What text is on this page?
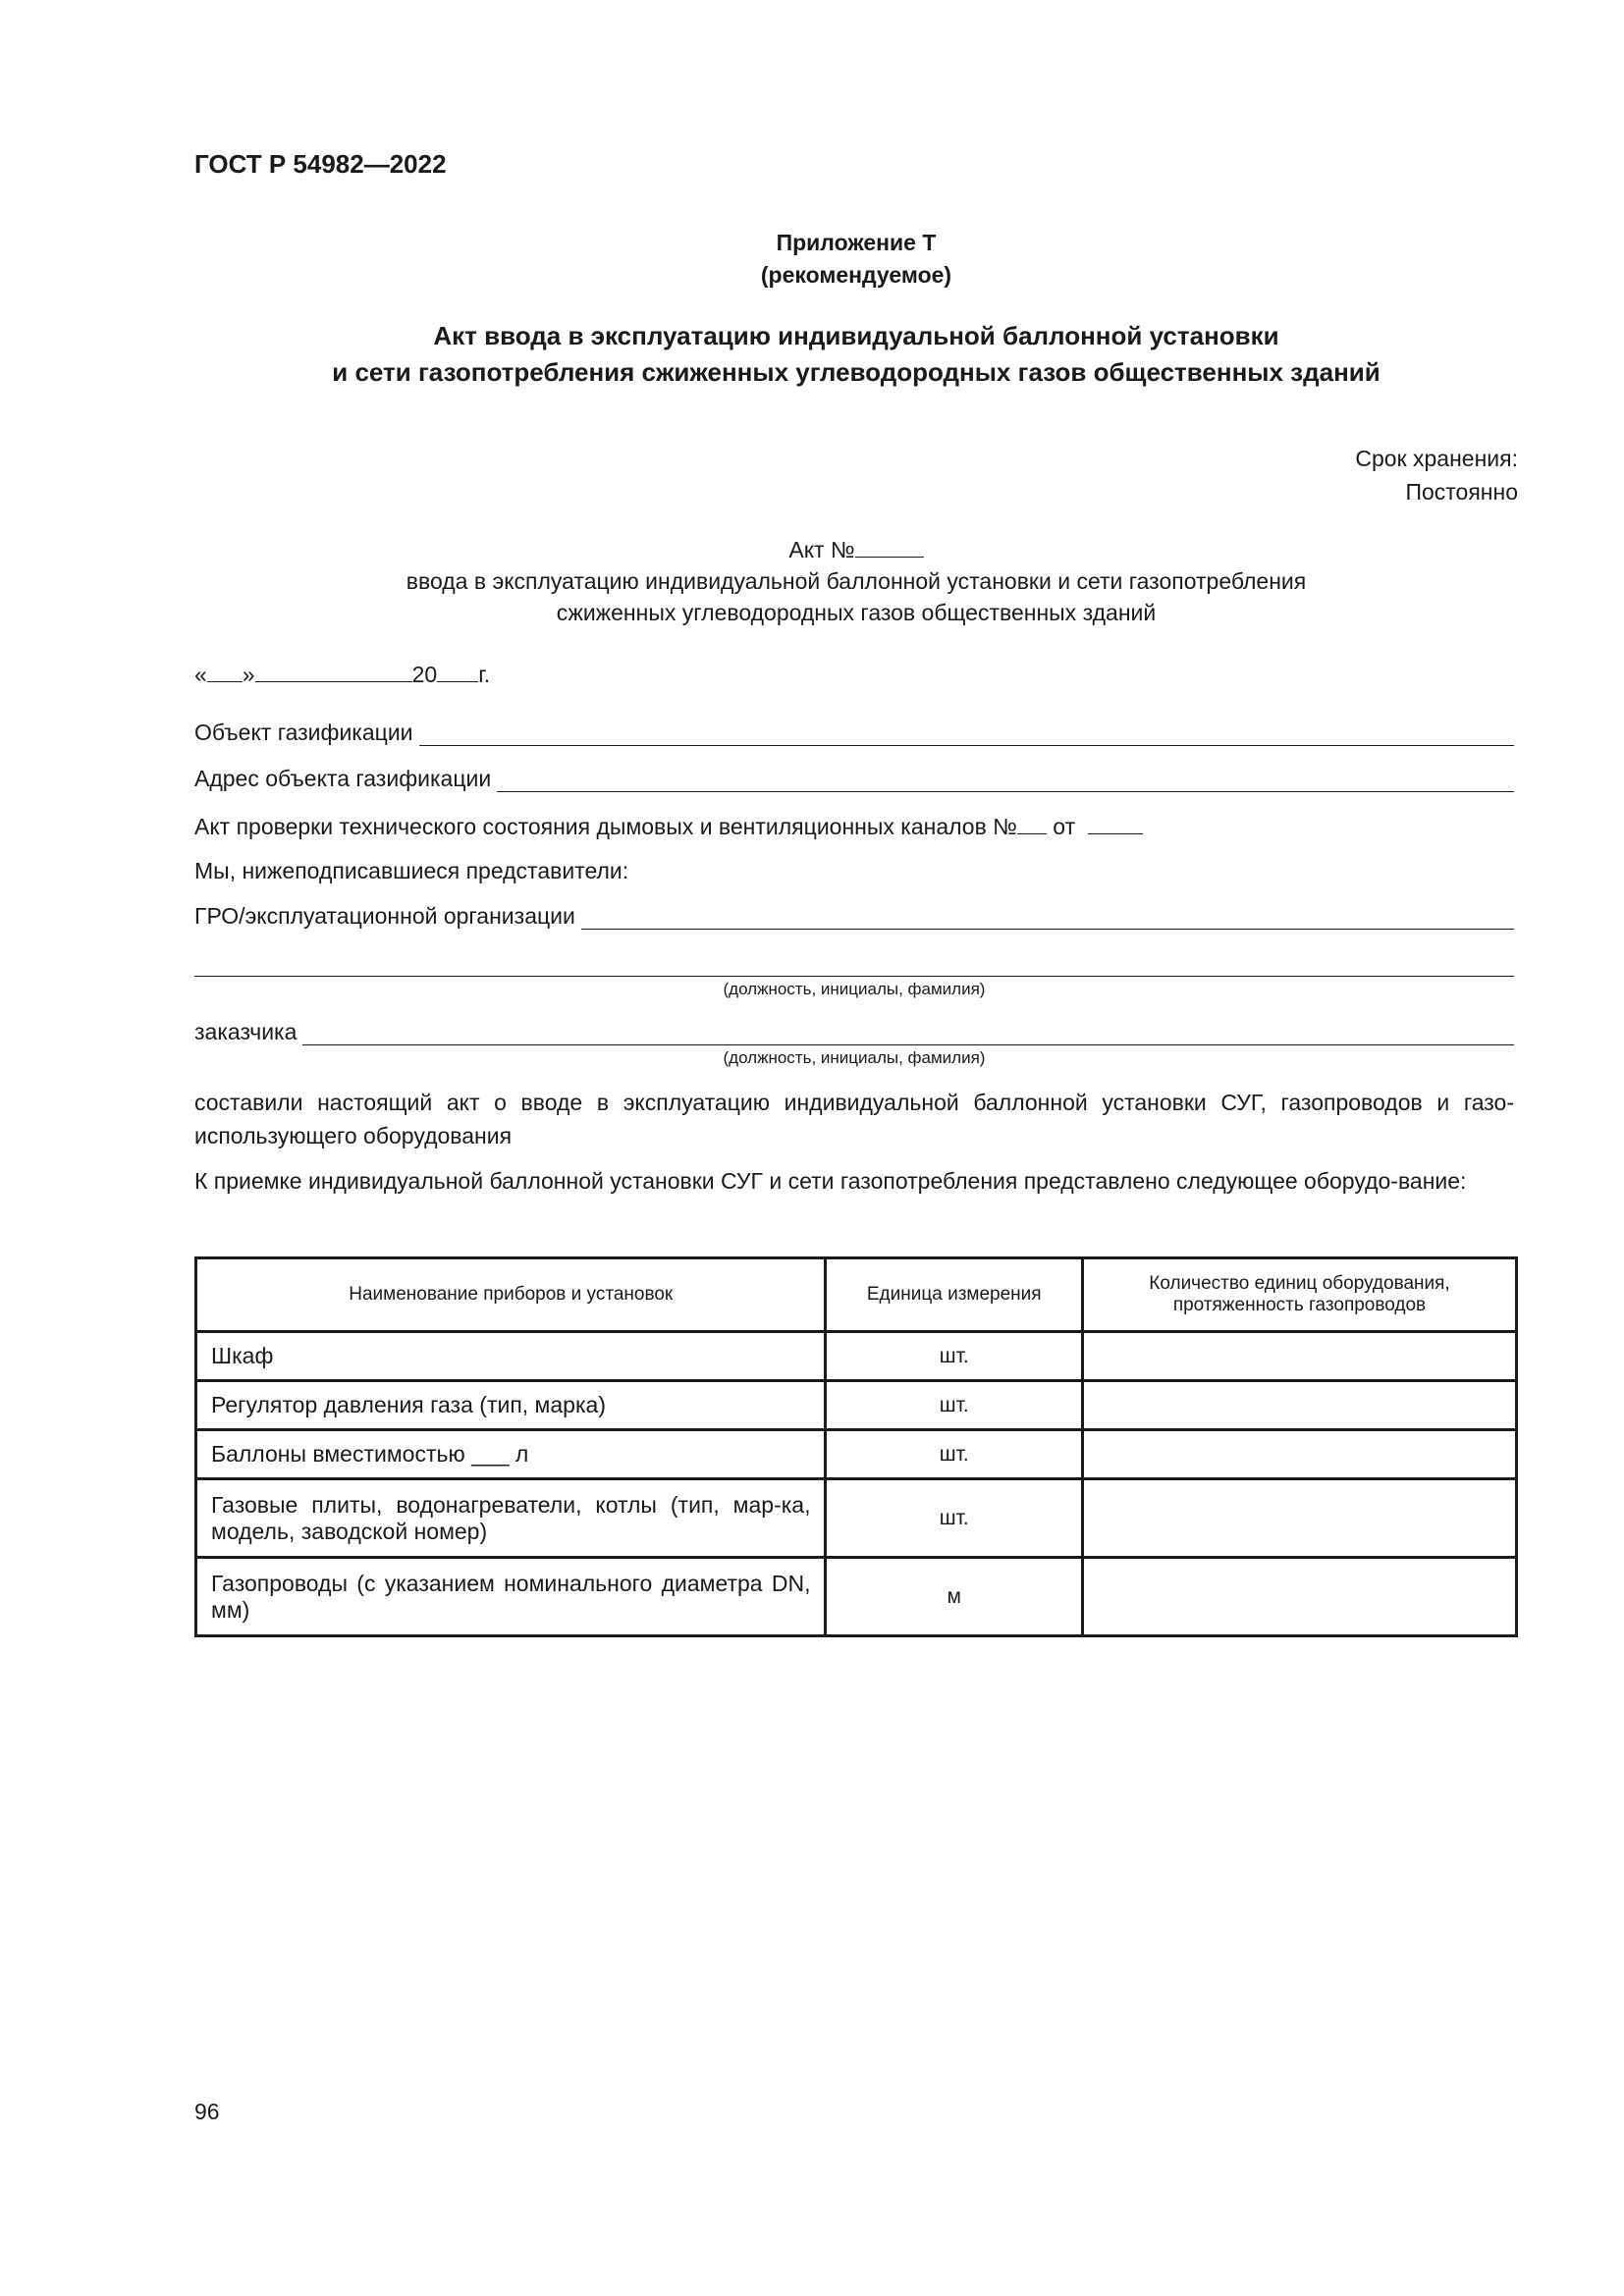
ГОСТ Р 54982—2022
Приложение Т
(рекомендуемое)
Акт ввода в эксплуатацию индивидуальной баллонной установки
и сети газопотребления сжиженных углеводородных газов общественных зданий
Срок хранения:
Постоянно
Акт №
ввода в эксплуатацию индивидуальной баллонной установки и сети газопотребления
сжиженных углеводородных газов общественных зданий
« »	20 г.
Объект газификации
Адрес объекта газификации
Акт проверки технического состояния дымовых и вентиляционных каналов № от
Мы, нижеподписавшиеся представители:
ГРО/эксплуатационной организации
(должность, инициалы, фамилия)
заказчика
(должность, инициалы, фамилия)
составили настоящий акт о вводе в эксплуатацию индивидуальной баллонной установки СУГ, газопроводов и газо-использующего оборудования
К приемке индивидуальной баллонной установки СУГ и сети газопотребления представлено следующее оборудо-вание:
Наименование приборов и установок	Единица измерения	Количество единиц оборудования, протяженность газопроводов
Шкаф	шт.	
Регулятор давления газа (тип, марка)	шт.	
Баллоны вместимостью ___ л	шт.	
Газовые плиты, водонагреватели, котлы (тип, мар-ка, модель, заводской номер)	шт.	
Газопроводы (с указанием номинального диаметра DN, мм)	м	
96
